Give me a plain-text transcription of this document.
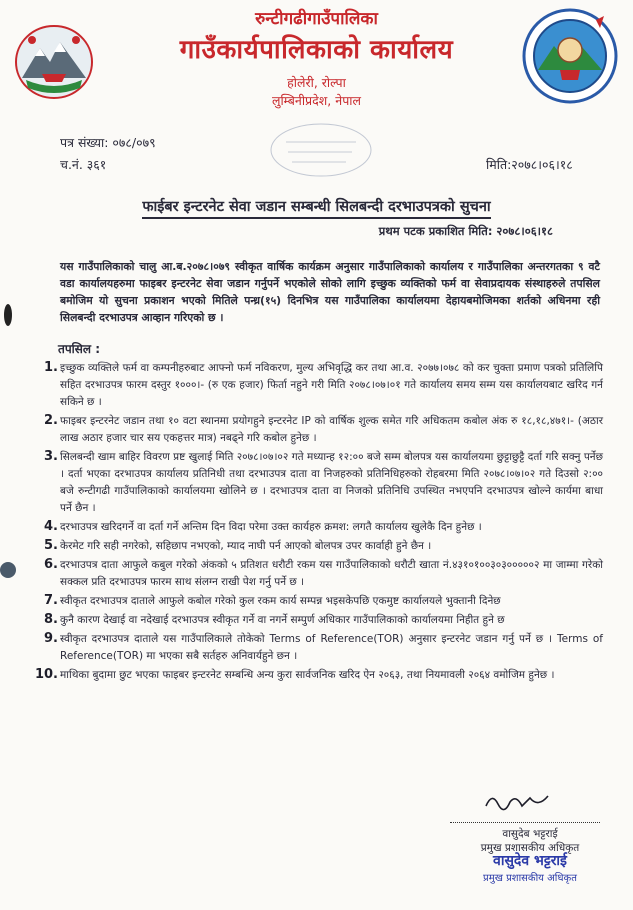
रुन्टीगढीगाउँपालिका
गाउँकार्यपालिकाको कार्यालय
होलेरी, रोल्पा
लुम्बिनीप्रदेश, नेपाल
पत्र संख्या: ०७८/०७९
च.नं. ३६१	मिति:२०७८।०६।१८
फाईबर इन्टरनेट सेवा जडान सम्बन्धी सिलबन्दी दरभाउपत्रको सुचना
प्रथम पटक प्रकाशित मिति: २०७८।०६।१८
यस गाउँपालिकाको चालु आ.ब.२०७८।०७९ स्वीकृत वार्षिक कार्यक्रम अनुसार गाउँपालिकाको कार्यालय र गाउँपालिका अन्तरगतका ९ वटै वडा कार्यालयहरुमा फाइबर इन्टरनेट सेवा जडान गर्नुपर्ने भएकोले सोको लागि इच्छुक व्यक्तिको फर्म वा सेवाप्रदायक संस्थाहरुले तपसिल बमोजिम यो सुचना प्रकाशन भएको मितिले पन्ध्र(१५) दिनभित्र यस गाउँपालिका कार्यालयमा देहायबमोजिमका शर्तको अधिनमा रही सिलबन्दी दरभाउपत्र आव्हान गरिएको छ ।
तपसिल :
1. इच्छुक व्यक्तिले फर्म वा कम्पनीहरुबाट आफ्नो फर्म नविकरण, मुल्य अभिवृद्धि कर तथा आ.व. २०७७।०७८ को कर चुक्ता प्रमाण पत्रको प्रतिलिपि सहित दरभाउपत्र फारम दस्तुर १०००।- (रु एक हजार) फिर्ता नहुने गरी मिति २०७८।०७।०१ गते कार्यालय समय सम्म यस कार्यालयबाट खरिद गर्न सकिने छ ।
2. फाइबर इन्टरनेट जडान तथा १० वटा स्थानमा प्रयोगहुने इन्टरनेट IP को वार्षिक शुल्क समेत गरि अधिकतम कबोल अंक रु १८,१८,४७१।- (अठार लाख अठार हजार चार सय एकहत्तर मात्र) नबढ्ने गरि कबोल हुनेछ ।
3. सिलबन्दी खाम बाहिर विवरण प्रष्ट खुलाई मिति २०७८।०७।०२ गते मध्यान्ह १२:०० बजे सम्म बोलपत्र यस कार्यालयमा छुट्टाछुट्टै दर्ता गरि सक्नु पर्नेछ । दर्ता भएका दरभाउपत्र कार्यालय प्रतिनिधी तथा दरभाउपत्र दाता वा निजहरुको प्रतिनिधिहरुको रोहबरमा मिति २०७८।०७।०२ गते दिउसो २:०० बजे रुन्टीगढी गाउँपालिकाको कार्यालयमा खोलिने छ । दरभाउपत्र दाता वा निजको प्रतिनिधि उपस्थित नभएपनि दरभाउपत्र खोल्ने कार्यमा बाधा पर्ने छैन ।
4. दरभाउपत्र खरिदगर्ने वा दर्ता गर्ने अन्तिम दिन विदा परेमा उक्त कार्यहरु क्रमश: लगतै कार्यालय खुलेकै दिन हुनेछ ।
5. केरमेट गरि सही नगरेको, सहिछाप नभएको, म्याद नाघी पर्न आएको बोलपत्र उपर कार्वाही हुने छैन ।
6. दरभाउपत्र दाता आफुले कबुल गरेको अंकको ५ प्रतिशत धरौटी रकम यस गाउँपालिकाको धरौटी खाता नं.४३१०१००३०३०००००२ मा जाम्मा गरेको सक्कल प्रति दरभाउपत्र फारम साथ संलग्न राखी पेश गर्नु पर्ने छ ।
7. स्वीकृत दरभाउपत्र दाताले आफुले कबोल गरेको कुल रकम कार्य सम्पन्न भइसकेपछि एकमुष्ट कार्यालयले भुक्तानी दिनेछ
8. कुनै कारण देखाई वा नदेखाई दरभाउपत्र स्वीकृत गर्ने वा नगर्ने सम्पुर्ण अधिकार गाउँपालिकाको कार्यालयमा निहीत हुने छ
9. स्वीकृत दरभाउपत्र दाताले यस गाउँपालिकाले तोकेको Terms of Reference(TOR) अनुसार इन्टरनेट जडान गर्नु पर्ने छ । Terms of Reference(TOR) मा भएका सबै सर्तहरु अनिवार्यहुने छन ।
10. माथिका बुदामा छुट भएका फाइबर इन्टरनेट सम्बन्धि अन्य कुरा सार्वजनिक खरिद ऐन २०६३, तथा नियमावली २०६४ वमोजिम हुनेछ ।
वासुदेब भट्टराई
प्रमुख प्रशासकीय अधिकृत
वासुदेव भट्टराई
प्रमुख प्रशासकीय अधिकृत
